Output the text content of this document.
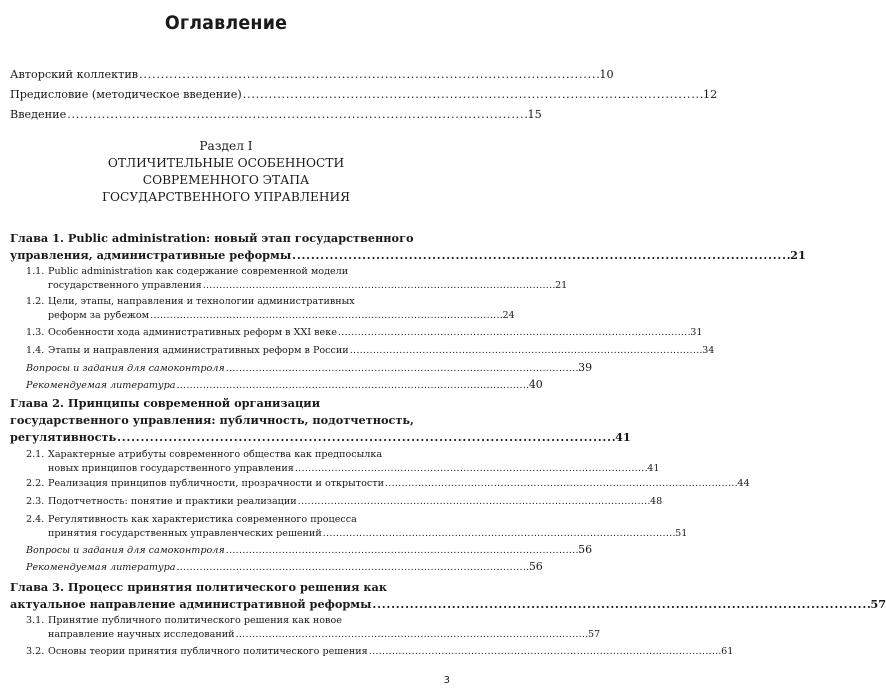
Оглавление
Авторский коллектив . . .	10
Предисловие (методическое введение) . . .	12
Введение . . .	15
Раздел I
ОТЛИЧИТЕЛЬНЫЕ ОСОБЕННОСТИ
СОВРЕМЕННОГО ЭТАПА
ГОСУДАРСТВЕННОГО УПРАВЛЕНИЯ
Глава 1. Public administration: новый этап государственного
управления, административные реформы . . .	21
1.1. Public administration как содержание современной модели
государственного управления . . .	21
1.2. Цели, этапы, направления и технологии административных
реформ за рубежом . . .	24
1.3. Особенности хода административных реформ в XXI веке . . .	31
1.4. Этапы и направления административных реформ в России . . .	34
Вопросы и задания для самоконтроля . . .	39
Рекомендуемая литература . . .	40
Глава 2. Принципы современной организации
государственного управления: публичность, подотчетность,
регулятивность . . .	41
2.1. Характерные атрибуты современного общества как предпосылка
новых принципов государственного управления . . .	41
2.2. Реализация принципов публичности, прозрачности и открытости . . .	44
2.3. Подотчетность: понятие и практики реализации . . .	48
2.4. Регулятивность как характеристика современного процесса
принятия государственных управленческих решений . . .	51
Вопросы и задания для самоконтроля . . .	56
Рекомендуемая литература . . .	56
Глава 3. Процесс принятия политического решения как
актуальное направление административной реформы . . .	57
3.1. Принятие публичного политического решения как новое
направление научных исследований . . .	57
3.2. Основы теории принятия публичного политического решения . . .	61
3
